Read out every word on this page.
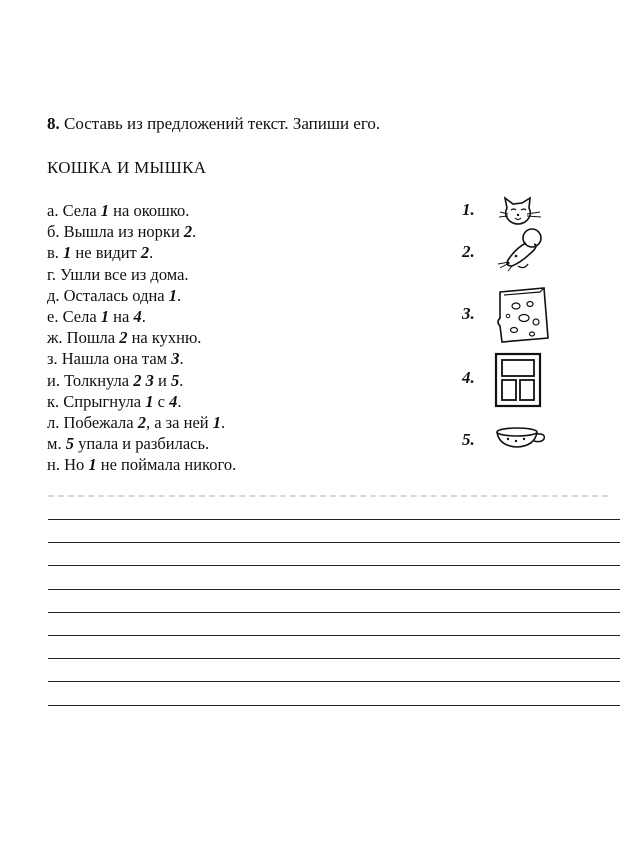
8. Составь из предложений текст. Запиши его.
КОШКА И МЫШКА
а. Села 1 на окошко.
б. Вышла из норки 2.
в. 1 не видит 2.
г. Ушли все из дома.
д. Осталась одна 1.
е. Села 1 на 4.
ж. Пошла 2 на кухню.
з. Нашла она там 3.
и. Толкнула 2 3 и 5.
к. Спрыгнула 1 с 4.
л. Побежала 2, а за ней 1.
м. 5 упала и разбилась.
н. Но 1 не поймала никого.
1.
2.
3.
4.
5.
